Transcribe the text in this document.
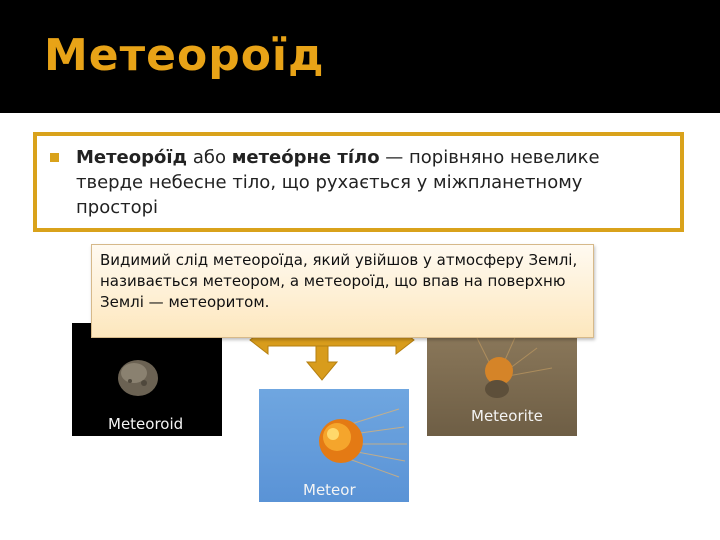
Метеороїд
Метеоро́їд або метео́рне ті́ло — порівняно невелике тверде небесне тіло, що рухається у міжпланетному просторі
Meteoroid
Meteor
Meteorite
Видимий слід метеороїда, який увійшов у атмосферу Землі, називається метеором, а метеороїд, що впав на поверхню Землі — метеоритом.
